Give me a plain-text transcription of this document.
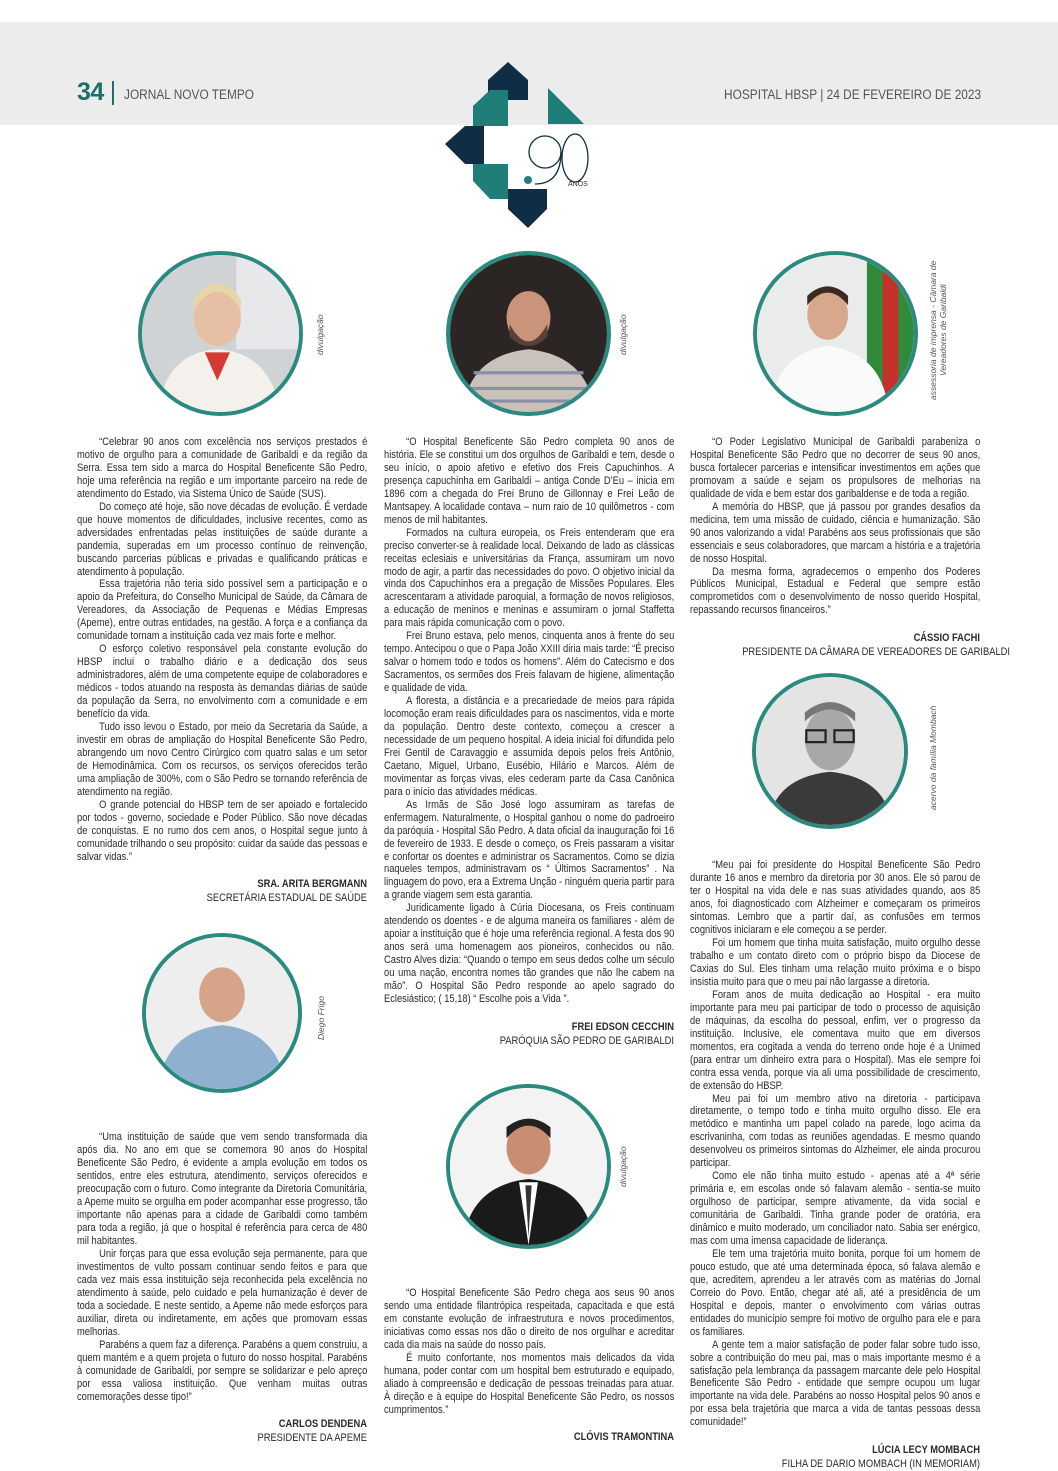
34 JORNAL NOVO TEMPO	HOSPITAL HBSP | 24 DE FEVEREIRO DE 2023
ANOS
divulgação	divulgação	assessoria de imprensa - Câmara de
Vereadores de Garibaldi

“Celebrar 90 anos com excelência nos serviços prestados é motivo de orgulho para a comunidade de Garibaldi e da região da Serra. Essa tem sido a marca do Hospital Beneficente São Pedro, hoje uma referência na região e um importante parceiro na rede de atendimento do Estado, via Sistema Único de Saúde (SUS).

Do começo até hoje, são nove décadas de evolução. É verdade que houve momentos de dificuldades, inclusive recentes, como as adversidades enfrentadas pelas instituições de saúde durante a pandemia, superadas em um processo contínuo de reinvenção, buscando parcerias públicas e privadas e qualificando práticas e atendimento à população.

Essa trajetória não teria sido possível sem a participação e o apoio da Prefeitura, do Conselho Municipal de Saúde, da Câmara de Vereadores, da Associação de Pequenas e Médias Empresas (Apeme), entre outras entidades, na gestão. A força e a confiança da comunidade tornam a instituição cada vez mais forte e melhor.

O esforço coletivo responsável pela constante evolução do HBSP inclui o trabalho diário e a dedicação dos seus administradores, além de uma competente equipe de colaboradores e médicos - todos atuando na resposta às demandas diárias de saúde da população da Serra, no envolvimento com a comunidade e em benefício da vida.

Tudo isso levou o Estado, por meio da Secretaria da Saúde, a investir em obras de ampliação do Hospital Beneficente São Pedro, abrangendo um novo Centro Cirúrgico com quatro salas e um setor de Hemodinâmica. Com os recursos, os serviços oferecidos terão uma ampliação de 300%, com o São Pedro se tornando referência de atendimento na região.

O grande potencial do HBSP tem de ser apoiado e fortalecido por todos - governo, sociedade e Poder Público. São nove décadas de conquistas. E no rumo dos cem anos, o Hospital segue junto à comunidade trilhando o seu propósito: cuidar da saúde das pessoas e salvar vidas.”

SRA. ARITA BERGMANN
SECRETÁRIA ESTADUAL DE SAÚDE
Diego Frigo

“Uma instituição de saúde que vem sendo transformada dia após dia. No ano em que se comemora 90 anos do Hospital Beneficente São Pedro, é evidente a ampla evolução em todos os sentidos, entre eles estrutura, atendimento, serviços oferecidos e preocupação com o futuro. Como integrante da Diretoria Comunitária, a Apeme muito se orgulha em poder acompanhar esse progresso, tão importante não apenas para a cidade de Garibaldi como também para toda a região, já que o hospital é referência para cerca de 480 mil habitantes.

Unir forças para que essa evolução seja permanente, para que investimentos de vulto possam continuar sendo feitos e para que cada vez mais essa instituição seja reconhecida pela excelência no atendimento à saúde, pelo cuidado e pela humanização é dever de toda a sociedade. E neste sentido, a Apeme não mede esforços para auxiliar, direta ou indiretamente, em ações que promovam essas melhorias.

Parabéns a quem faz a diferença. Parabéns a quem construiu, a quem mantém e a quem projeta o futuro do nosso hospital. Parabéns à comunidade de Garibaldi, por sempre se solidarizar e pelo apreço por essa valiosa instituição. Que venham muitas outras comemorações desse tipo!”

CARLOS DENDENA
PRESIDENTE DA APEME

“O Hospital Beneficente São Pedro completa 90 anos de história. Ele se constitui um dos orgulhos de Garibaldi e tem, desde o seu início, o apoio afetivo e efetivo dos Freis Capuchinhos. A presença capuchinha em Garibaldi – antiga Conde D’Eu – inicia em 1896 com a chegada do Frei Bruno de Gillonnay e Frei Leão de Mantsapey. A localidade contava – num raio de 10 quilômetros - com menos de mil habitantes.

Formados na cultura europeia, os Freis entenderam que era preciso converter-se à realidade local. Deixando de lado as clássicas receitas eclesiais e universitárias da França, assumiram um novo modo de agir, a partir das necessidades do povo. O objetivo inicial da vinda dos Capuchinhos era a pregação de Missões Populares. Eles acrescentaram a atividade paroquial, a formação de novos religiosos, a educação de meninos e meninas e assumiram o jornal Staffetta para mais rápida comunicação com o povo.

Frei Bruno estava, pelo menos, cinquenta anos à frente do seu tempo. Antecipou o que o Papa João XXIII diria mais tarde: “É preciso salvar o homem todo e todos os homens”. Além do Catecismo e dos Sacramentos, os sermões dos Freis falavam de higiene, alimentação e qualidade de vida.

A floresta, a distância e a precariedade de meios para rápida locomoção eram reais dificuldades para os nascimentos, vida e morte da população. Dentro deste contexto, começou a crescer a necessidade de um pequeno hospital. A ideia inicial foi difundida pelo Frei Gentil de Caravaggio e assumida depois pelos freis Antônio, Caetano, Miguel, Urbano, Eusébio, Hilário e Marcos. Além de movimentar as forças vivas, eles cederam parte da Casa Canônica para o início das atividades médicas.

As Irmãs de São José logo assumiram as tarefas de enfermagem. Naturalmente, o Hospital ganhou o nome do padroeiro da paróquia - Hospital São Pedro. A data oficial da inauguração foi 16 de fevereiro de 1933. E desde o começo, os Freis passaram a visitar e confortar os doentes e administrar os Sacramentos. Como se dizia naqueles tempos, administravam os “ Últimos Sacramentos” . Na linguagem do povo, era a Extrema Unção - ninguém queria partir para a grande viagem sem esta garantia.

Juridicamente ligado à Cúria Diocesana, os Freis continuam atendendo os doentes - e de alguma maneira os familiares - além de apoiar a instituição que é hoje uma referência regional. A festa dos 90 anos será uma homenagem aos pioneiros, conhecidos ou não. Castro Alves dizia: “Quando o tempo em seus dedos colhe um século ou uma nação, encontra nomes tão grandes que não lhe cabem na mão”. O Hospital São Pedro responde ao apelo sagrado do Eclesiástico; ( 15,18) “ Escolhe pois a Vida ”.

FREI EDSON CECCHIN
PARÓQUIA SÃO PEDRO DE GARIBALDI
divulgação

“O Hospital Beneficente São Pedro chega aos seus 90 anos sendo uma entidade filantrópica respeitada, capacitada e que está em constante evolução de infraestrutura e novos procedimentos, iniciativas como essas nos dão o direito de nos orgulhar e acreditar cada dia mais na saúde do nosso país.

É muito confortante, nos momentos mais delicados da vida humana, poder contar com um hospital bem estruturado e equipado, aliado à compreensão e dedicação de pessoas treinadas para atuar. À direção e à equipe do Hospital Beneficente São Pedro, os nossos cumprimentos.”

CLÓVIS TRAMONTINA

“O Poder Legislativo Municipal de Garibaldi parabeniza o Hospital Beneficente São Pedro que no decorrer de seus 90 anos, busca fortalecer parcerias e intensificar investimentos em ações que promovam a saúde e sejam os propulsores de melhorias na qualidade de vida e bem estar dos garibaldense e de toda a região.

A memória do HBSP, que já passou por grandes desafios da medicina, tem uma missão de cuidado, ciência e humanização. São 90 anos valorizando a vida! Parabéns aos seus profissionais que são essenciais e seus colaboradores, que marcam a história e a trajetória de nosso Hospital.

Da mesma forma, agradecemos o empenho dos Poderes Públicos Municipal, Estadual e Federal que sempre estão comprometidos com o desenvolvimento de nosso querido Hospital, repassando recursos financeiros.”

CÁSSIO FACHI
PRESIDENTE DA CÂMARA DE VEREADORES DE GARIBALDI
acervo da família Mombach

“Meu pai foi presidente do Hospital Beneficente São Pedro durante 16 anos e membro da diretoria por 30 anos. Ele só parou de ter o Hospital na vida dele e nas suas atividades quando, aos 85 anos, foi diagnosticado com Alzheimer e começaram os primeiros sintomas. Lembro que a partir daí, as confusões em termos cognitivos iniciaram e ele começou a se perder.

Foi um homem que tinha muita satisfação, muito orgulho desse trabalho e um contato direto com o próprio bispo da Diocese de Caxias do Sul. Eles tinham uma relação muito próxima e o bispo insistia muito para que o meu pai não largasse a diretoria.

Foram anos de muita dedicação ao Hospital - era muito importante para meu pai participar de todo o processo de aquisição de máquinas, da escolha do pessoal, enfim, ver o progresso da instituição. Inclusive, ele comentava muito que em diversos momentos, era cogitada a venda do terreno onde hoje é a Unimed (para entrar um dinheiro extra para o Hospital). Mas ele sempre foi contra essa venda, porque via ali uma possibilidade de crescimento, de extensão do HBSP.

Meu pai foi um membro ativo na diretoria - participava diretamente, o tempo todo e tinha muito orgulho disso. Ele era metódico e mantinha um papel colado na parede, logo acima da escrivaninha, com todas as reuniões agendadas. E mesmo quando desenvolveu os primeiros sintomas do Alzheimer, ele ainda procurou participar.

Como ele não tinha muito estudo - apenas até a 4ª série primária e, em escolas onde só falavam alemão - sentia-se muito orgulhoso de participar, sempre ativamente, da vida social e comunitária de Garibaldi. Tinha grande poder de oratória, era dinâmico e muito moderado, um conciliador nato. Sabia ser enérgico, mas com uma imensa capacidade de liderança.

Ele tem uma trajetória muito bonita, porque foi um homem de pouco estudo, que até uma determinada época, só falava alemão e que, acreditem, aprendeu a ler através com as matérias do Jornal Correio do Povo. Então, chegar até ali, até a presidência de um Hospital e depois, manter o envolvimento com várias outras entidades do município sempre foi motivo de orgulho para ele e para os familiares.

A gente tem a maior satisfação de poder falar sobre tudo isso, sobre a contribuição do meu pai, mas o mais importante mesmo é a satisfação pela lembrança da passagem marcante dele pelo Hospital Beneficente São Pedro - entidade que sempre ocupou um lugar importante na vida dele. Parabéns ao nosso Hospital pelos 90 anos e por essa bela trajetória que marca a vida de tantas pessoas dessa comunidade!”

LÚCIA LECY MOMBACH
FILHA DE DARIO MOMBACH (IN MEMORIAM)
